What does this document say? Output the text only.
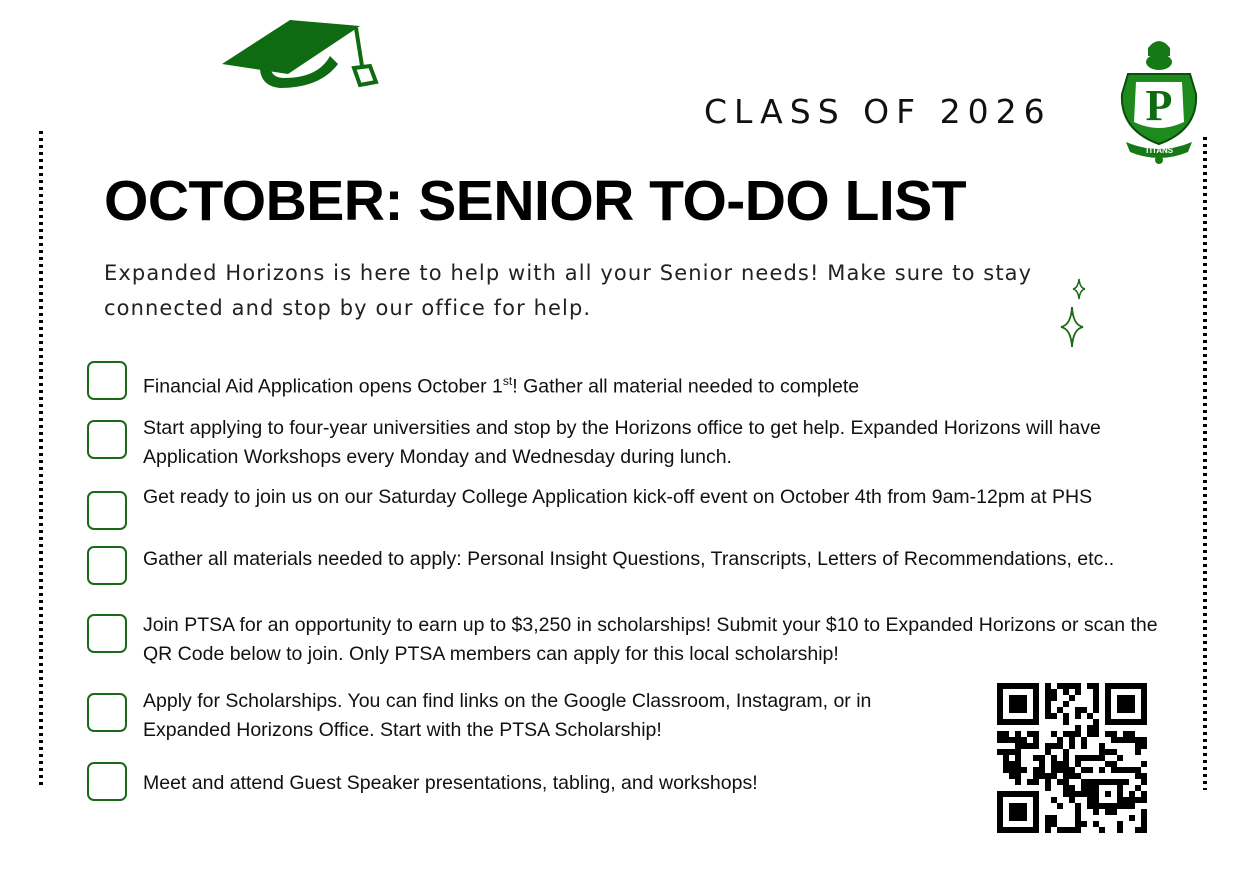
P
TITANS
CLASS OF 2026
OCTOBER: SENIOR TO-DO LIST
Expanded Horizons is here to help with all your Senior needs! Make sure to stay connected and stop by our office for help.
Financial Aid Application opens October 1st! Gather all material needed to complete
Start applying to four-year universities and stop by the Horizons office to get help. Expanded Horizons will have Application Workshops every Monday and Wednesday during lunch.
Get ready to join us on our Saturday College Application kick-off event on October 4th from 9am-12pm at PHS
Gather all materials needed to apply: Personal Insight Questions, Transcripts, Letters of Recommendations, etc..
Join PTSA for an opportunity to earn up to $3,250 in scholarships! Submit your $10 to Expanded Horizons or scan the QR Code below to join. Only PTSA members can apply for this local scholarship!
Apply for Scholarships. You can find links on the Google Classroom, Instagram, or in Expanded Horizons Office. Start with the PTSA Scholarship!
Meet and attend Guest Speaker presentations, tabling, and workshops!
